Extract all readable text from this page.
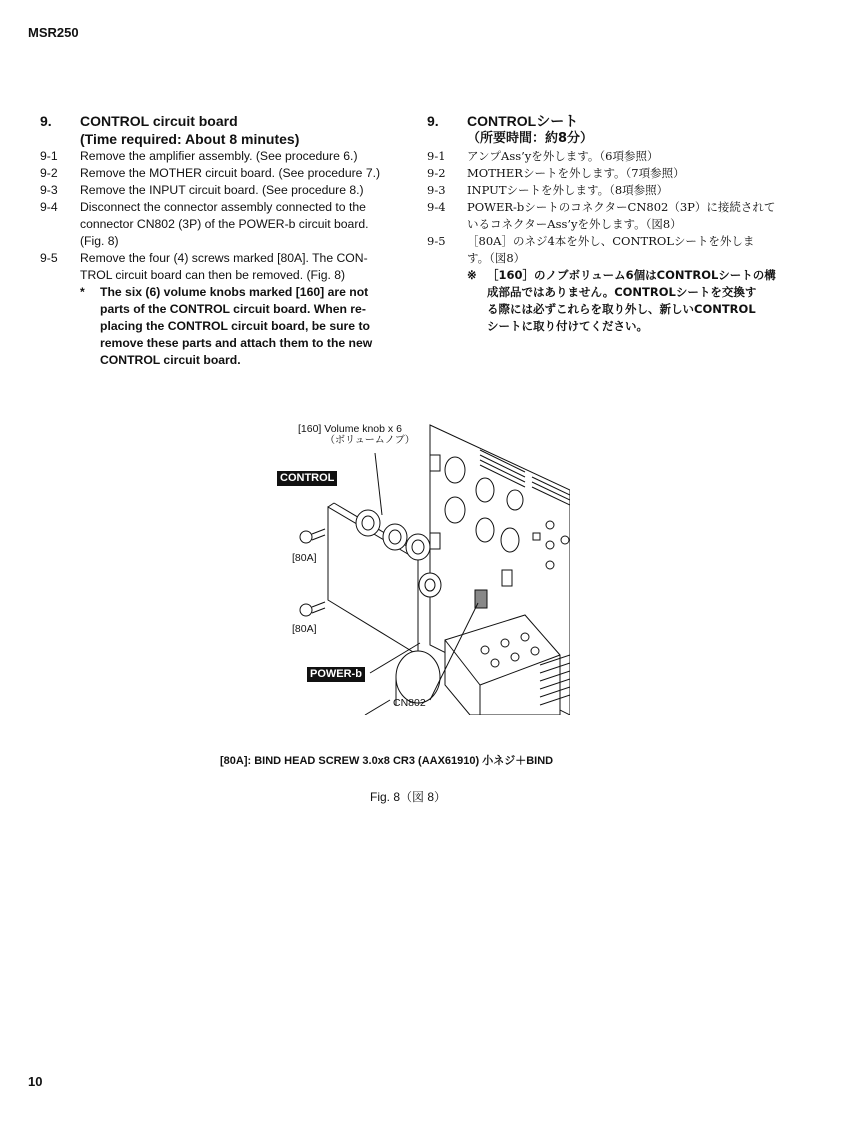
MSR250
9.	CONTROL circuit board
(Time required: About 8 minutes)
9-1	Remove the amplifier assembly. (See procedure 6.)
9-2	Remove the MOTHER circuit board. (See procedure 7.)
9-3	Remove the INPUT circuit board. (See procedure 8.)
9-4	Disconnect the connector assembly connected to the
connector CN802 (3P) of the POWER-b circuit board.
(Fig. 8)
9-5	Remove the four (4) screws marked [80A]. The CON-
TROL circuit board can then be removed. (Fig. 8)
*	The six (6) volume knobs marked [160] are not
parts of the CONTROL circuit board. When re-
placing the CONTROL circuit board, be sure to
remove these parts and attach them to the new
CONTROL circuit board.
9.	CONTROLシート
（所要時間：約8分）
9-1	アンプAss’yを外します。（6項参照）
9-2	MOTHERシートを外します。（7項参照）
9-3	INPUTシートを外します。（8項参照）
9-4	POWER-bシートのコネクターCN802（3P）に接続されて
いるコネクターAss’yを外します。（図8）
9-5	［80A］のネジ4本を外し、CONTROLシートを外しま
す。（図8）
※ ［160］のノブボリューム6個はCONTROLシートの構
成部品ではありません。CONTROLシートを交換す
る際には必ずこれらを取り外し、新しいCONTROL
シートに取り付けてください。
[160] Volume knob x 6
（ボリュームノブ）
CONTROL
[80A]
[80A]
POWER-b
CN802
[80A]: BIND HEAD SCREW 3.0x8 CR3 (AAX61910) 小ネジ＋BIND
Fig. 8（図 8）
10
